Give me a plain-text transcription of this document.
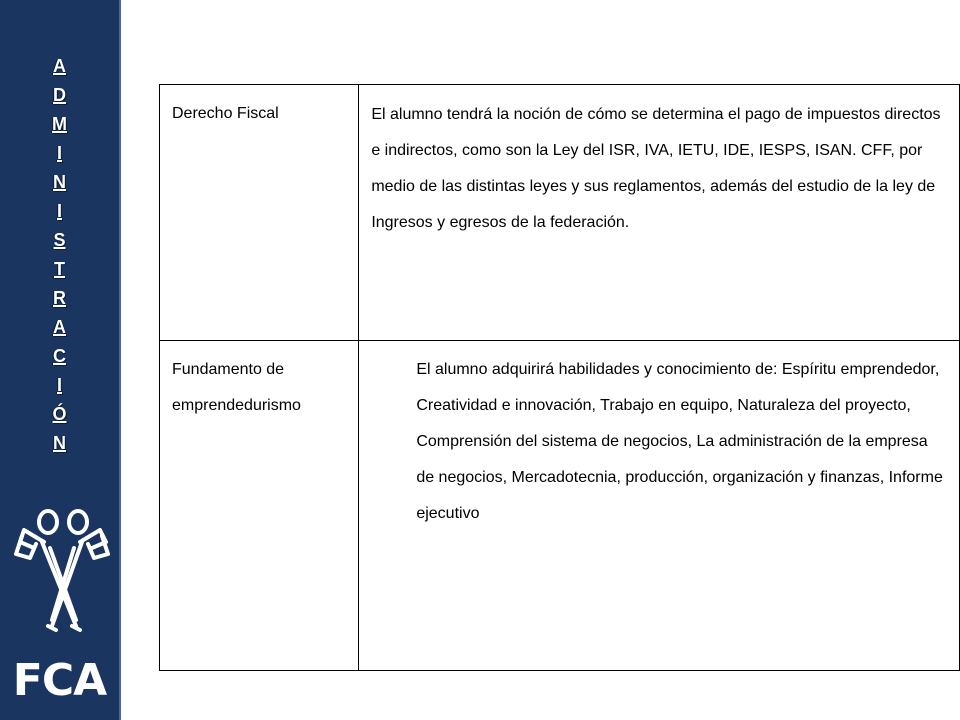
A
D
M
I
N
I
S
T
R
A
C
I
Ó
N
FCA
Derecho Fiscal	El alumno tendrá la noción de cómo se determina el pago de impuestos directos e indirectos, como son la Ley del ISR, IVA, IETU, IDE, IESPS, ISAN. CFF, por medio de las distintas leyes y sus reglamentos, además del estudio de la ley de Ingresos y egresos de la federación.

Fundamento de emprendedurismo	El alumno adquirirá habilidades y conocimiento de: Espíritu emprendedor, Creatividad e innovación, Trabajo en equipo, Naturaleza del proyecto, Comprensión del sistema de negocios, La administración de la empresa de negocios, Mercadotecnia, producción, organización y finanzas, Informe ejecutivo
